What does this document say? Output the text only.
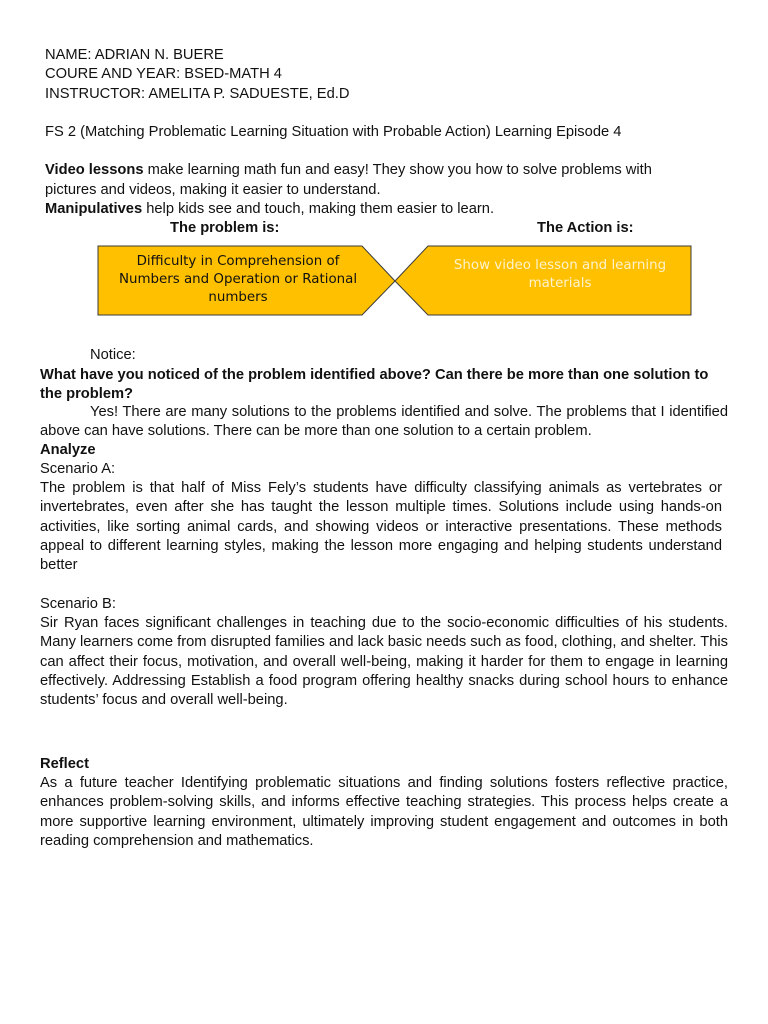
NAME: ADRIAN N. BUERE
COURE AND YEAR: BSED-MATH 4
INSTRUCTOR: AMELITA P. SADUESTE, Ed.D
FS 2 (Matching Problematic Learning Situation with Probable Action) Learning Episode 4
Video lessons make learning math fun and easy! They show you how to solve problems with
pictures and videos, making it easier to understand.
Manipulatives help kids see and touch, making them easier to learn.
The problem is:	The Action is:
Difficulty in Comprehension of Numbers and Operation or Rational numbers
Show video lesson and learning materials
Notice:
What have you noticed of the problem identified above? Can there be more than one solution to the problem?
Yes! There are many solutions to the problems identified and solve. The problems that I identified above can have solutions. There can be more than one solution to a certain problem.
Analyze
Scenario A:
The problem is that half of Miss Fely’s students have difficulty classifying animals as vertebrates or invertebrates, even after she has taught the lesson multiple times. Solutions include using hands-on activities, like sorting animal cards, and showing videos or interactive presentations. These methods appeal to different learning styles, making the lesson more engaging and helping students understand better
Scenario B:
Sir Ryan faces significant challenges in teaching due to the socio-economic difficulties of his students. Many learners come from disrupted families and lack basic needs such as food, clothing, and shelter. This can affect their focus, motivation, and overall well-being, making it harder for them to engage in learning effectively. Addressing Establish a food program offering healthy snacks during school hours to enhance students’ focus and overall well-being.
Reflect
As a future teacher Identifying problematic situations and finding solutions fosters reflective practice, enhances problem-solving skills, and informs effective teaching strategies. This process helps create a more supportive learning environment, ultimately improving student engagement and outcomes in both reading comprehension and mathematics.
